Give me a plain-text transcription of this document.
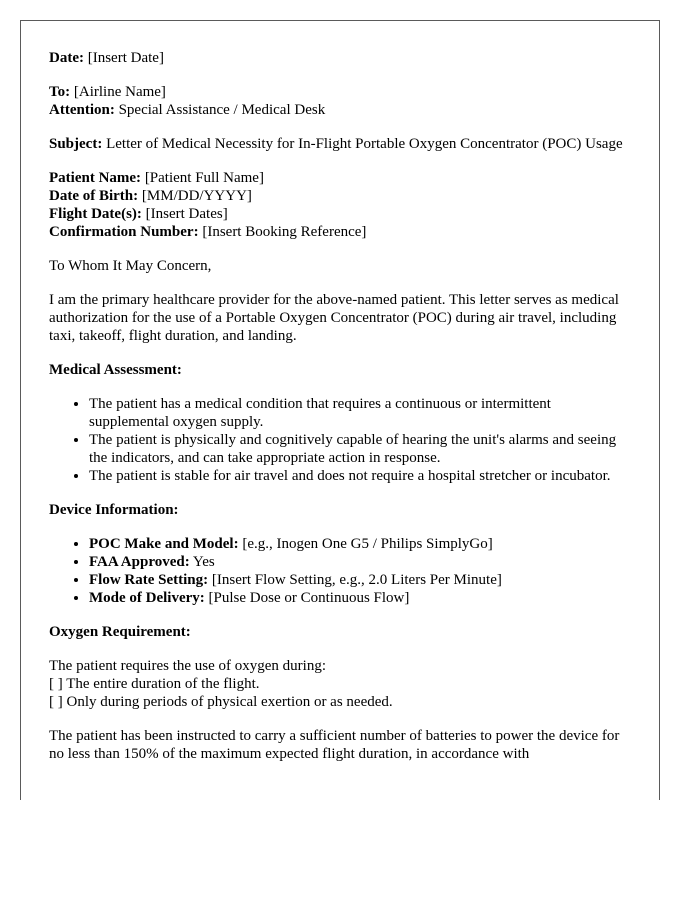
Date: [Insert Date]
To: [Airline Name]
Attention: Special Assistance / Medical Desk
Subject: Letter of Medical Necessity for In-Flight Portable Oxygen Concentrator (POC) Usage
Patient Name: [Patient Full Name]
Date of Birth: [MM/DD/YYYY]
Flight Date(s): [Insert Dates]
Confirmation Number: [Insert Booking Reference]
To Whom It May Concern,
I am the primary healthcare provider for the above-named patient. This letter serves as medical authorization for the use of a Portable Oxygen Concentrator (POC) during air travel, including taxi, takeoff, flight duration, and landing.
Medical Assessment:
• The patient has a medical condition that requires a continuous or intermittent supplemental oxygen supply.
• The patient is physically and cognitively capable of hearing the unit's alarms and seeing the indicators, and can take appropriate action in response.
• The patient is stable for air travel and does not require a hospital stretcher or incubator.
Device Information:
• POC Make and Model: [e.g., Inogen One G5 / Philips SimplyGo]
• FAA Approved: Yes
• Flow Rate Setting: [Insert Flow Setting, e.g., 2.0 Liters Per Minute]
• Mode of Delivery: [Pulse Dose or Continuous Flow]
Oxygen Requirement:
The patient requires the use of oxygen during:
[ ] The entire duration of the flight.
[ ] Only during periods of physical exertion or as needed.
The patient has been instructed to carry a sufficient number of batteries to power the device for no less than 150% of the maximum expected flight duration, in accordance with
